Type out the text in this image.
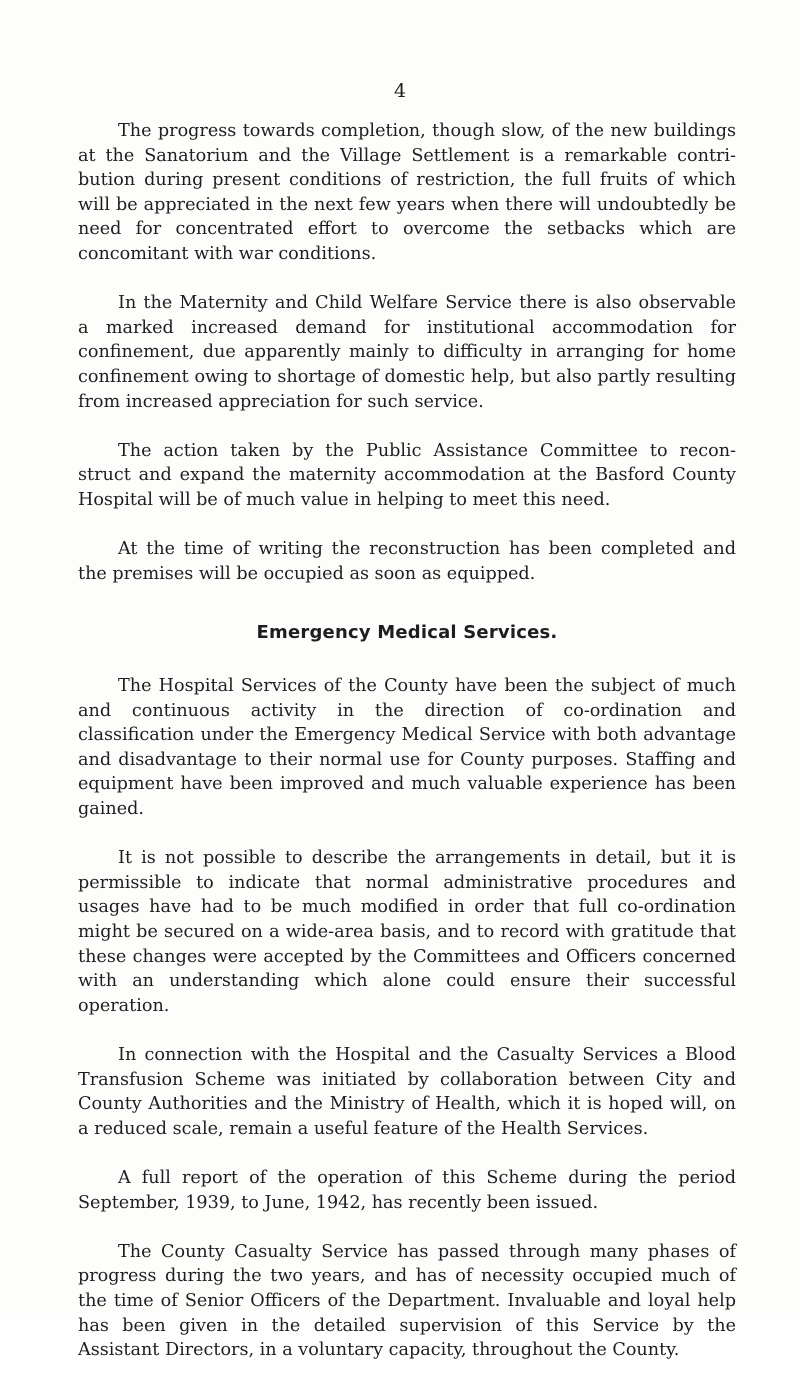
4

The progress towards completion, though slow, of the new buildings at the Sanatorium and the Village Settlement is a remarkable contri- bution during present conditions of restriction, the full fruits of which will be appreciated in the next few years when there will undoubtedly be need for concentrated effort to overcome the setbacks which are concomitant with war conditions.

In the Maternity and Child Welfare Service there is also observable a marked increased demand for institutional accommodation for confinement, due apparently mainly to difficulty in arranging for home confinement owing to shortage of domestic help, but also partly resulting from increased appreciation for such service.

The action taken by the Public Assistance Committee to recon- struct and expand the maternity accommodation at the Basford County Hospital will be of much value in helping to meet this need.

At the time of writing the reconstruction has been completed and the premises will be occupied as soon as equipped.

Emergency Medical Services.

The Hospital Services of the County have been the subject of much and continuous activity in the direction of co-ordination and classification under the Emergency Medical Service with both advantage and disadvantage to their normal use for County purposes. Staffing and equipment have been improved and much valuable experience has been gained.

It is not possible to describe the arrangements in detail, but it is permissible to indicate that normal administrative procedures and usages have had to be much modified in order that full co-ordination might be secured on a wide-area basis, and to record with gratitude that these changes were accepted by the Committees and Officers concerned with an understanding which alone could ensure their successful operation.

In connection with the Hospital and the Casualty Services a Blood Transfusion Scheme was initiated by collaboration between City and County Authorities and the Ministry of Health, which it is hoped will, on a reduced scale, remain a useful feature of the Health Services.

A full report of the operation of this Scheme during the period September, 1939, to June, 1942, has recently been issued.

The County Casualty Service has passed through many phases of progress during the two years, and has of necessity occupied much of the time of Senior Officers of the Department. Invaluable and loyal help has been given in the detailed supervision of this Service by the Assistant Directors, in a voluntary capacity, throughout the County.
